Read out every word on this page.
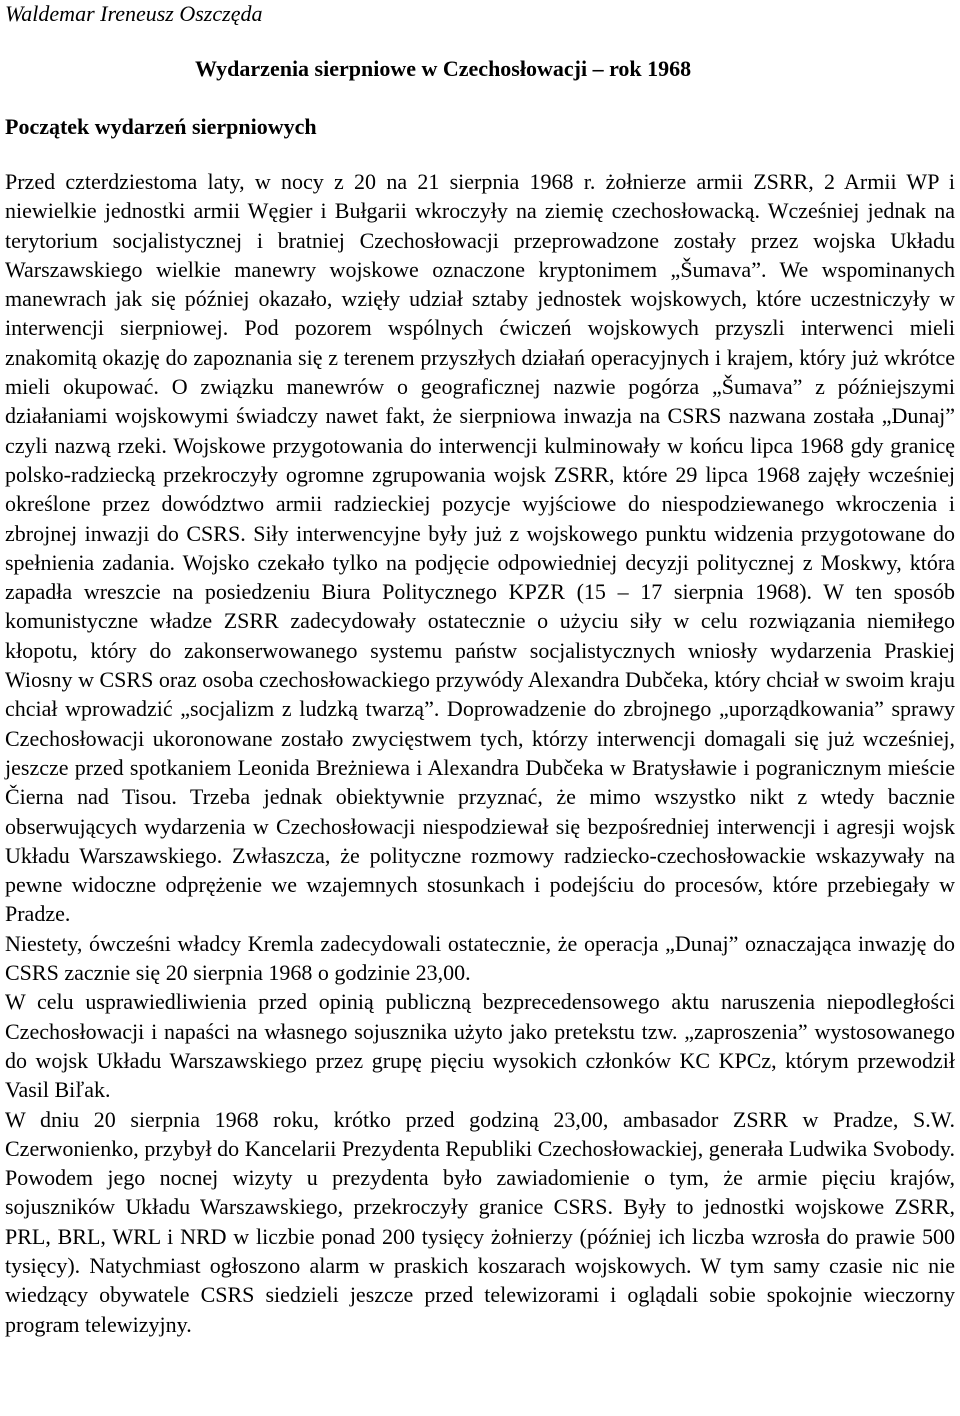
Waldemar Ireneusz Oszczęda
Wydarzenia sierpniowe w Czechosłowacji – rok 1968
Początek wydarzeń sierpniowych

Przed czterdziestoma laty, w nocy z 20 na 21 sierpnia 1968 r. żołnierze armii ZSRR, 2 Armii WP i niewielkie jednostki armii Węgier i Bułgarii wkroczyły na ziemię czechosłowacką. Wcześniej jednak na terytorium socjalistycznej i bratniej Czechosłowacji przeprowadzone zostały przez wojska Układu Warszawskiego wielkie manewry wojskowe oznaczone kryptonimem „Šumava”. We wspominanych manewrach jak się później okazało, wzięły udział sztaby jednostek wojskowych, które uczestniczyły w interwencji sierpniowej. Pod pozorem wspólnych ćwiczeń wojskowych przyszli interwenci mieli znakomitą okazję do zapoznania się z terenem przyszłych działań operacyjnych i krajem, który już wkrótce mieli okupować. O związku manewrów o geograficznej nazwie pogórza „Šumava” z późniejszymi działaniami wojskowymi świadczy nawet fakt, że sierpniowa inwazja na CSRS nazwana została „Dunaj” czyli nazwą rzeki. Wojskowe przygotowania do interwencji kulminowały w końcu lipca 1968 gdy granicę polsko-radziecką przekroczyły ogromne zgrupowania wojsk ZSRR, które 29 lipca 1968 zajęły wcześniej określone przez dowództwo armii radzieckiej pozycje wyjściowe do niespodziewanego wkroczenia i zbrojnej inwazji do CSRS. Siły interwencyjne były już z wojskowego punktu widzenia przygotowane do spełnienia zadania. Wojsko czekało tylko na podjęcie odpowiedniej decyzji politycznej z Moskwy, która zapadła wreszcie na posiedzeniu Biura Politycznego KPZR (15 – 17 sierpnia 1968). W ten sposób komunistyczne władze ZSRR zadecydowały ostatecznie o użyciu siły w celu rozwiązania niemiłego kłopotu, który do zakonserwowanego systemu państw socjalistycznych wniosły wydarzenia Praskiej Wiosny w CSRS oraz osoba czechosłowackiego przywódy Alexandra Dubčeka, który chciał w swoim kraju chciał wprowadzić „socjalizm z ludzką twarzą”. Doprowadzenie do zbrojnego „uporządkowania” sprawy Czechosłowacji ukoronowane zostało zwycięstwem tych, którzy interwencji domagali się już wcześniej, jeszcze przed spotkaniem Leonida Breżniewa i Alexandra Dubčeka w Bratysławie i pogranicznym mieście Čierna nad Tisou. Trzeba jednak obiektywnie przyznać, że mimo wszystko nikt z wtedy bacznie obserwujących wydarzenia w Czechosłowacji niespodziewał się bezpośredniej interwencji i agresji wojsk Układu Warszawskiego. Zwłaszcza, że polityczne rozmowy radziecko-czechosłowackie wskazywały na pewne widoczne odprężenie we wzajemnych stosunkach i podejściu do procesów, które przebiegały w Pradze.

Niestety, ówcześni władcy Kremla zadecydowali ostatecznie, że operacja „Dunaj” oznaczająca inwazję do CSRS zacznie się 20 sierpnia 1968 o godzinie 23,00.

W celu usprawiedliwienia przed opinią publiczną bezprecedensowego aktu naruszenia niepodległości Czechosłowacji i napaści na własnego sojusznika użyto jako pretekstu tzw. „zaproszenia” wystosowanego do wojsk Układu Warszawskiego przez grupę pięciu wysokich członków KC KPCz, którym przewodził Vasil Biľak.

W dniu 20 sierpnia 1968 roku, krótko przed godziną 23,00, ambasador ZSRR w Pradze, S.W. Czerwonienko, przybył do Kancelarii Prezydenta Republiki Czechosłowackiej, generała Ludwika Svobody. Powodem jego nocnej wizyty u prezydenta było zawiadomienie o tym, że armie pięciu krajów, sojuszników Układu Warszawskiego, przekroczyły granice CSRS. Były to jednostki wojskowe ZSRR, PRL, BRL, WRL i NRD w liczbie ponad 200 tysięcy żołnierzy (później ich liczba wzrosła do prawie 500 tysięcy). Natychmiast ogłoszono alarm w praskich koszarach wojskowych. W tym samy czasie nic nie wiedzący obywatele CSRS siedzieli jeszcze przed telewizorami i oglądali sobie spokojnie wieczorny program telewizyjny.
